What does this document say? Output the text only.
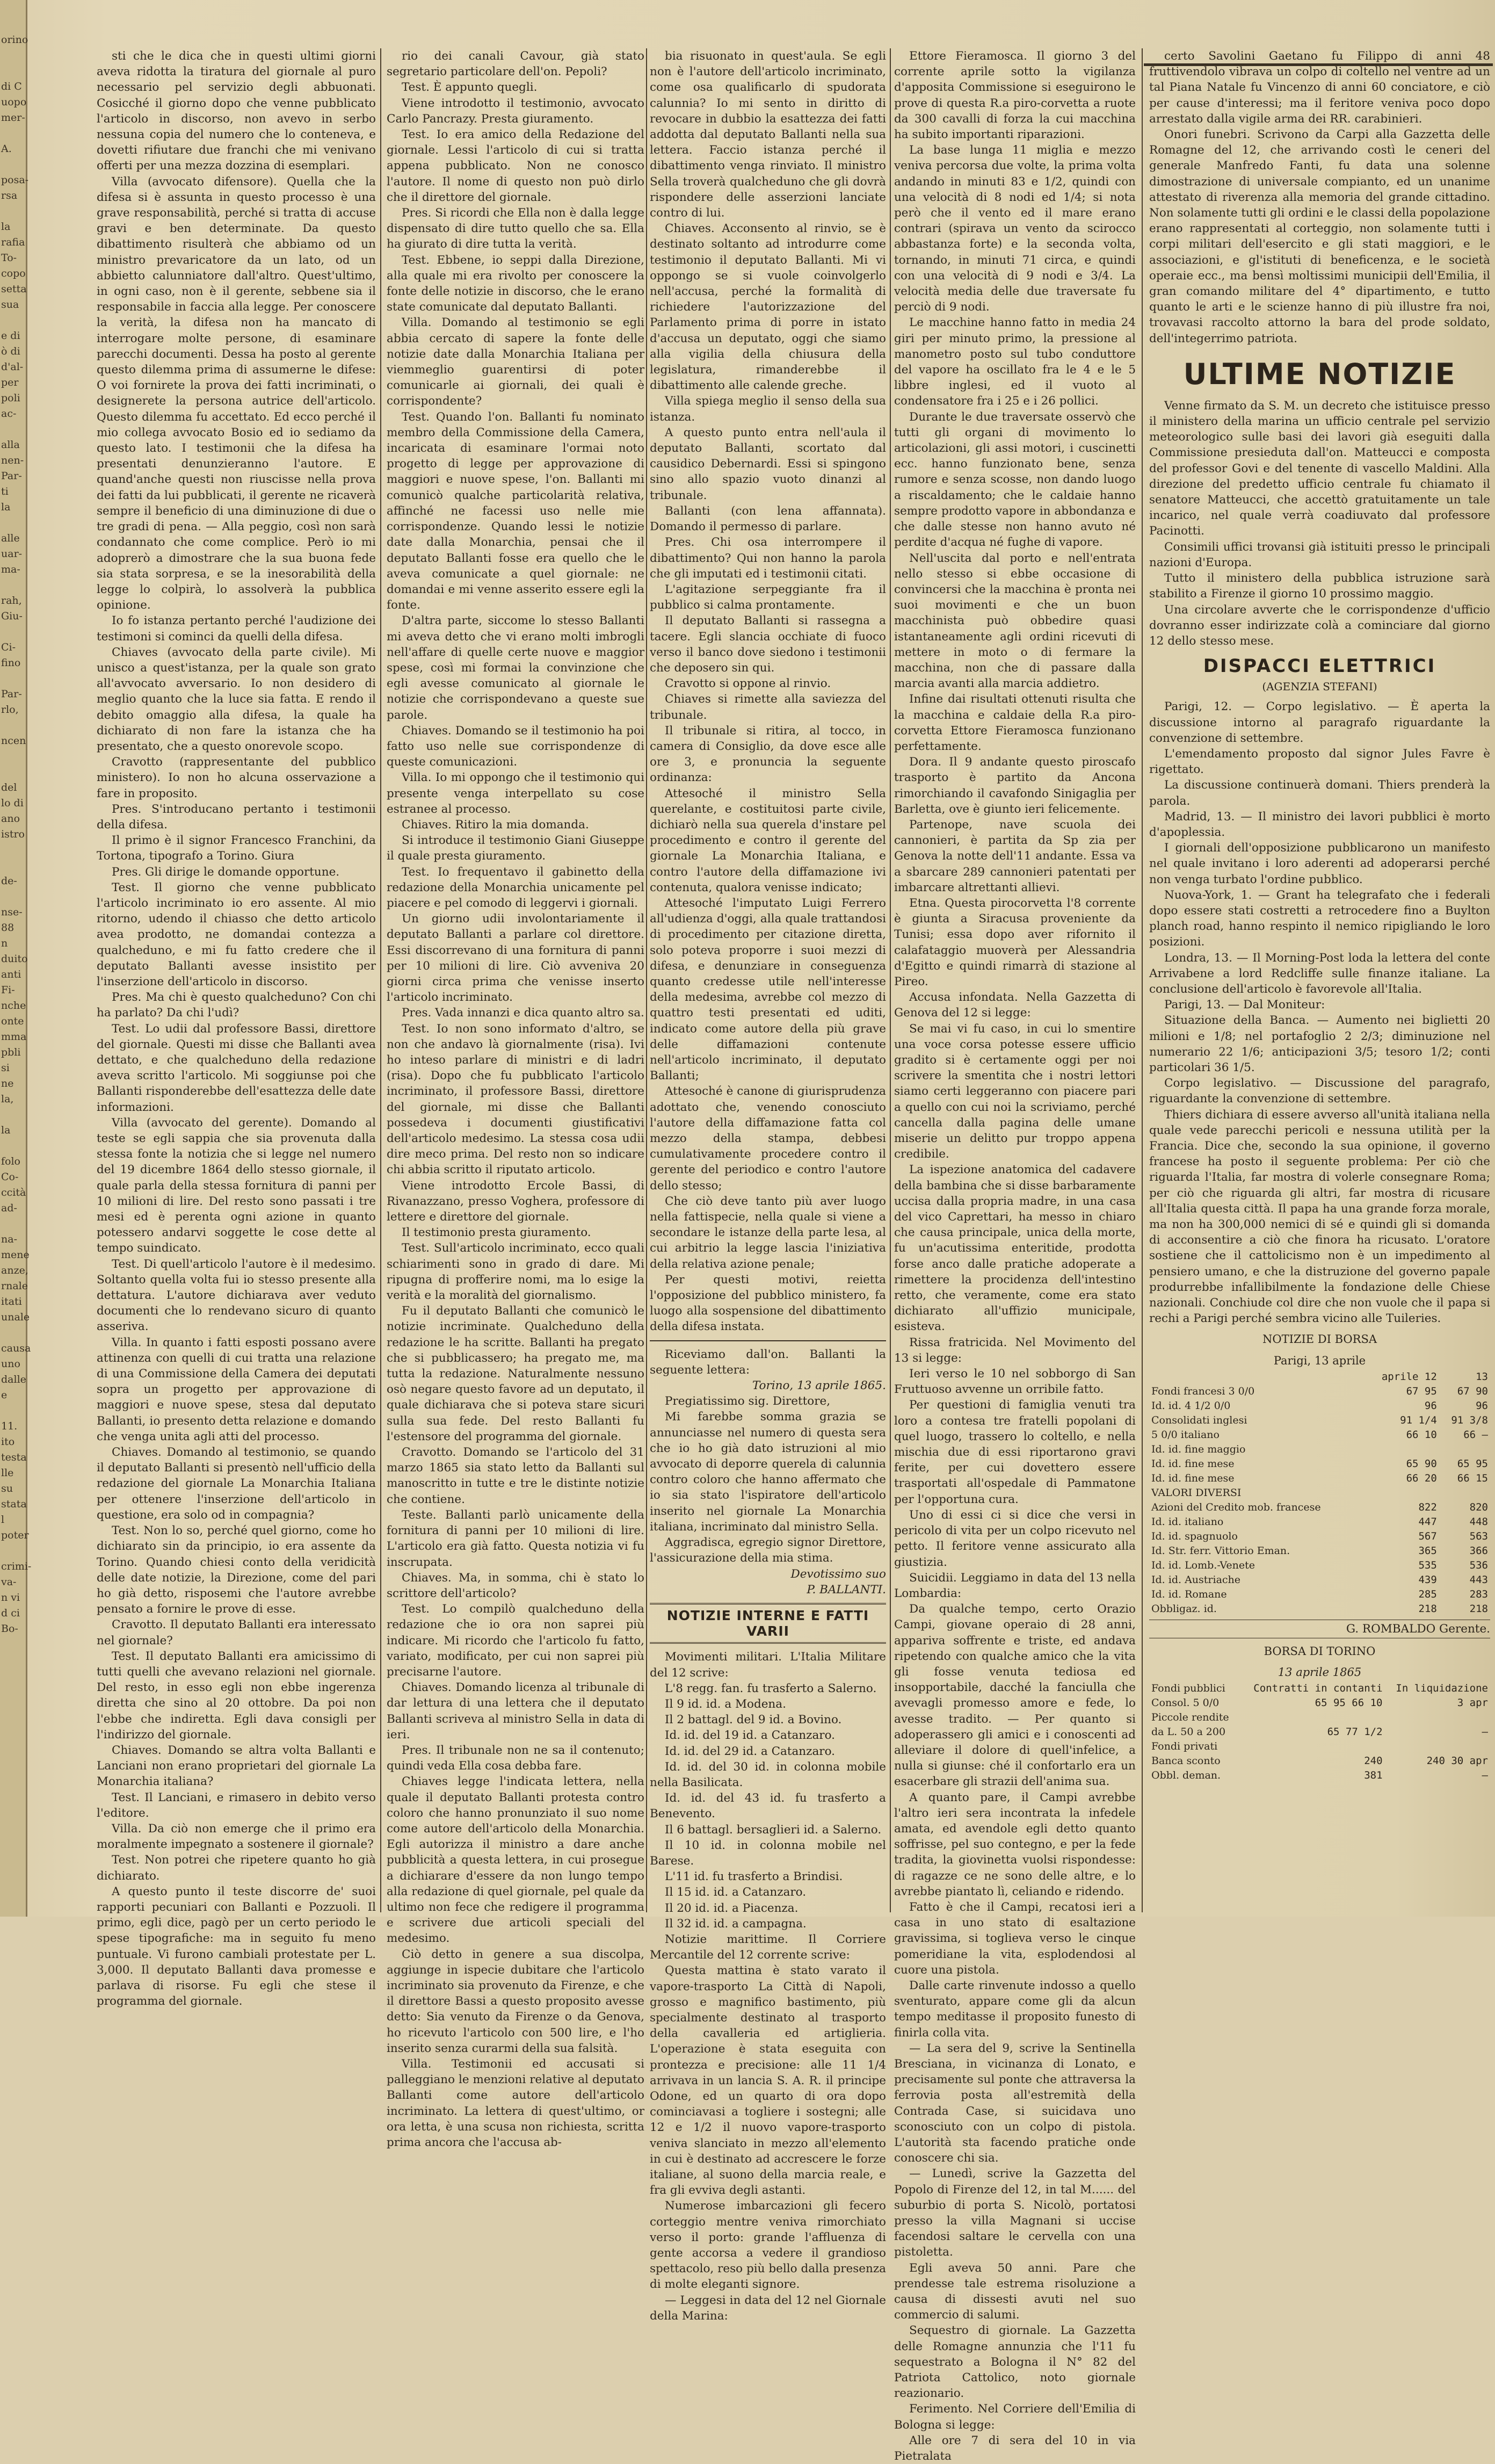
orino

di C
uopo
mer-

A.

posa-
rsa

la
rafia
To-
copo
setta
sua

e di
ò di
d'al-
per
poli
ac-

alla
nen-
Par-
ti
la

alle
uar-
ma-

rah,
Giu-

Ci-
fino

Par-
rlo,

ncen

del
lo di
ano
istro

de-

nse-
88
n
duito
anti
Fi-
nche
onte
mma
pbli
si ne
la,

la

folo
Co-
ccità
ad-

na-
mene
anze,
rnale
itati
unale

causa
uno
dalle
e

11.
ito
testa
lle
su
stata
l
poter

crimi-
va-
n vi
d ci
Bo-

sti che le dica che in questi ultimi giorni aveva ridotta la tiratura del giornale al puro necessario pel servizio degli abbuonati. Cosicché il giorno dopo che venne pubblicato l'articolo in discorso, non avevo in serbo nessuna copia del numero che lo conteneva, e dovetti rifiutare due franchi che mi venivano offerti per una mezza dozzina di esemplari.

Villa (avvocato difensore). Quella che la difesa si è assunta in questo processo è una grave responsabilità, perché si tratta di accuse gravi e ben determinate. Da questo dibattimento risulterà che abbiamo od un ministro prevaricatore da un lato, od un abbietto calunniatore dall'altro. Quest'ultimo, in ogni caso, non è il gerente, sebbene sia il responsabile in faccia alla legge. Per conoscere la verità, la difesa non ha mancato di interrogare molte persone, di esaminare parecchi documenti. Dessa ha posto al gerente questo dilemma prima di assumerne le difese: O voi fornirete la prova dei fatti incriminati, o designerete la persona autrice dell'articolo. Questo dilemma fu accettato. Ed ecco perché il mio collega avvocato Bosio ed io sediamo da questo lato. I testimonii che la difesa ha presentati denunzieranno l'autore. E quand'anche questi non riuscisse nella prova dei fatti da lui pubblicati, il gerente ne ricaverà sempre il beneficio di una diminuzione di due o tre gradi di pena. — Alla peggio, così non sarà condannato che come complice. Però io mi adoprerò a dimostrare che la sua buona fede sia stata sorpresa, e se la inesorabilità della legge lo colpirà, lo assolverà la pubblica opinione.

Io fo istanza pertanto perché l'audizione dei testimoni si cominci da quelli della difesa.

Chiaves (avvocato della parte civile). Mi unisco a quest'istanza, per la quale son grato all'avvocato avversario. Io non desidero di meglio quanto che la luce sia fatta. E rendo il debito omaggio alla difesa, la quale ha dichiarato di non fare la istanza che ha presentato, che a questo onorevole scopo.

Cravotto (rappresentante del pubblico ministero). Io non ho alcuna osservazione a fare in proposito.

Pres. S'introducano pertanto i testimonii della difesa.

Il primo è il signor Francesco Franchini, da Tortona, tipografo a Torino. Giura

Pres. Gli dirige le domande opportune.

Test. Il giorno che venne pubblicato l'articolo incriminato io ero assente. Al mio ritorno, udendo il chiasso che detto articolo avea prodotto, ne domandai contezza a qualcheduno, e mi fu fatto credere che il deputato Ballanti avesse insistito per l'inserzione dell'articolo in discorso.

Pres. Ma chi è questo qualcheduno? Con chi ha parlato? Da chi l'udì?

Test. Lo udii dal professore Bassi, direttore del giornale. Questi mi disse che Ballanti avea dettato, e che qualcheduno della redazione aveva scritto l'articolo. Mi soggiunse poi che Ballanti risponderebbe dell'esattezza delle date informazioni.

Villa (avvocato del gerente). Domando al teste se egli sappia che sia provenuta dalla stessa fonte la notizia che si legge nel numero del 19 dicembre 1864 dello stesso giornale, il quale parla della stessa fornitura di panni per 10 milioni di lire. Del resto sono passati i tre mesi ed è perenta ogni azione in quanto potessero andarvi soggette le cose dette al tempo suindicato.

Test. Di quell'articolo l'autore è il medesimo. Soltanto quella volta fui io stesso presente alla dettatura. L'autore dichiarava aver veduto documenti che lo rendevano sicuro di quanto asseriva.

Villa. In quanto i fatti esposti possano avere attinenza con quelli di cui tratta una relazione di una Commissione della Camera dei deputati sopra un progetto per approvazione di maggiori e nuove spese, stesa dal deputato Ballanti, io presento detta relazione e domando che venga unita agli atti del processo.

Chiaves. Domando al testimonio, se quando il deputato Ballanti si presentò nell'ufficio della redazione del giornale La Monarchia Italiana per ottenere l'inserzione dell'articolo in questione, era solo od in compagnia?

Test. Non lo so, perché quel giorno, come ho dichiarato sin da principio, io era assente da Torino. Quando chiesi conto della veridicità delle date notizie, la Direzione, come del pari ho già detto, risposemi che l'autore avrebbe pensato a fornire le prove di esse.

Cravotto. Il deputato Ballanti era interessato nel giornale?

Test. Il deputato Ballanti era amicissimo di tutti quelli che avevano relazioni nel giornale. Del resto, in esso egli non ebbe ingerenza diretta che sino al 20 ottobre. Da poi non l'ebbe che indiretta. Egli dava consigli per l'indirizzo del giornale.

Chiaves. Domando se altra volta Ballanti e Lanciani non erano proprietari del giornale La Monarchia italiana?

Test. Il Lanciani, e rimasero in debito verso l'editore.

Villa. Da ciò non emerge che il primo era moralmente impegnato a sostenere il giornale?

Test. Non potrei che ripetere quanto ho già dichiarato.

A questo punto il teste discorre de' suoi rapporti pecuniari con Ballanti e Pozzuoli. Il primo, egli dice, pagò per un certo periodo le spese tipografiche: ma in seguito fu meno puntuale. Vi furono cambiali protestate per L. 3,000. Il deputato Ballanti dava promesse e parlava di risorse. Fu egli che stese il programma del giornale.

rio dei canali Cavour, già stato segretario particolare dell'on. Pepoli?

Test. È appunto quegli.

Viene introdotto il testimonio, avvocato Carlo Pancrazy. Presta giuramento.

Test. Io era amico della Redazione del giornale. Lessi l'articolo di cui si tratta appena pubblicato. Non ne conosco l'autore. Il nome di questo non può dirlo che il direttore del giornale.

Pres. Si ricordi che Ella non è dalla legge dispensato di dire tutto quello che sa. Ella ha giurato di dire tutta la verità.

Test. Ebbene, io seppi dalla Direzione, alla quale mi era rivolto per conoscere la fonte delle notizie in discorso, che le erano state comunicate dal deputato Ballanti.

Villa. Domando al testimonio se egli abbia cercato di sapere la fonte delle notizie date dalla Monarchia Italiana per viemmeglio guarentirsi di poter comunicarle ai giornali, dei quali è corrispondente?

Test. Quando l'on. Ballanti fu nominato membro della Commissione della Camera, incaricata di esaminare l'ormai noto progetto di legge per approvazione di maggiori e nuove spese, l'on. Ballanti mi comunicò qualche particolarità relativa, affinché ne facessi uso nelle mie corrispondenze. Quando lessi le notizie date dalla Monarchia, pensai che il deputato Ballanti fosse era quello che le aveva comunicate a quel giornale: ne domandai e mi venne asserito essere egli la fonte.

D'altra parte, siccome lo stesso Ballanti mi aveva detto che vi erano molti imbrogli nell'affare di quelle certe nuove e maggior spese, così mi formai la convinzione che egli avesse comunicato al giornale le notizie che corrispondevano a queste sue parole.

Chiaves. Domando se il testimonio ha poi fatto uso nelle sue corrispondenze di queste comunicazioni.

Villa. Io mi oppongo che il testimonio qui presente venga interpellato su cose estranee al processo.

Chiaves. Ritiro la mia domanda.

Si introduce il testimonio Giani Giuseppe il quale presta giuramento.

Test. Io frequentavo il gabinetto della redazione della Monarchia unicamente pel piacere e pel comodo di leggervi i giornali.

Un giorno udii involontariamente il deputato Ballanti a parlare col direttore. Essi discorrevano di una fornitura di panni per 10 milioni di lire. Ciò avveniva 20 giorni circa prima che venisse inserto l'articolo incriminato.

Pres. Vada innanzi e dica quanto altro sa.

Test. Io non sono informato d'altro, se non che andavo là giornalmente (risa). Ivi ho inteso parlare di ministri e di ladri (risa). Dopo che fu pubblicato l'articolo incriminato, il professore Bassi, direttore del giornale, mi disse che Ballanti possedeva i documenti giustificativi dell'articolo medesimo. La stessa cosa udii dire meco prima. Del resto non so indicare chi abbia scritto il riputato articolo.

Viene introdotto Ercole Bassi, di Rivanazzano, presso Voghera, professore di lettere e direttore del giornale.

Il testimonio presta giuramento.

Test. Sull'articolo incriminato, ecco quali schiarimenti sono in grado di dare. Mi ripugna di profferire nomi, ma lo esige la verità e la moralità del giornalismo.

Fu il deputato Ballanti che comunicò le notizie incriminate. Qualcheduno della redazione le ha scritte. Ballanti ha pregato che si pubblicassero; ha pregato me, ma tutta la redazione. Naturalmente nessuno osò negare questo favore ad un deputato, il quale dichiarava che si poteva stare sicuri sulla sua fede. Del resto Ballanti fu l'estensore del programma del giornale.

Cravotto. Domando se l'articolo del 31 marzo 1865 sia stato letto da Ballanti sul manoscritto in tutte e tre le distinte notizie che contiene.

Teste. Ballanti parlò unicamente della fornitura di panni per 10 milioni di lire. L'articolo era già fatto. Questa notizia vi fu inscrupata.

Chiaves. Ma, in somma, chi è stato lo scrittore dell'articolo?

Test. Lo compilò qualcheduno della redazione che io ora non saprei più indicare. Mi ricordo che l'articolo fu fatto, variato, modificato, per cui non saprei più precisarne l'autore.

Chiaves. Domando licenza al tribunale di dar lettura di una lettera che il deputato Ballanti scriveva al ministro Sella in data di ieri.

Pres. Il tribunale non ne sa il contenuto; quindi veda Ella cosa debba fare.

Chiaves legge l'indicata lettera, nella quale il deputato Ballanti protesta contro coloro che hanno pronunziato il suo nome come autore dell'articolo della Monarchia. Egli autorizza il ministro a dare anche pubblicità a questa lettera, in cui prosegue a dichiarare d'essere da non lungo tempo alla redazione di quel giornale, pel quale da ultimo non fece che redigere il programma e scrivere due articoli speciali del medesimo.

Ciò detto in genere a sua discolpa, aggiunge in ispecie dubitare che l'articolo incriminato sia provenuto da Firenze, e che il direttore Bassi a questo proposito avesse detto: Sia venuto da Firenze o da Genova, ho ricevuto l'articolo con 500 lire, e l'ho inserito senza curarmi della sua falsità.

Villa. Testimonii ed accusati si palleggiano le menzioni relative al deputato Ballanti come autore dell'articolo incriminato. La lettera di quest'ultimo, or ora letta, è una scusa non richiesta, scritta prima ancora che l'accusa ab-

bia risuonato in quest'aula. Se egli non è l'autore dell'articolo incriminato, come osa qualificarlo di spudorata calunnia? Io mi sento in diritto di revocare in dubbio la esattezza dei fatti addotta dal deputato Ballanti nella sua lettera. Faccio istanza perché il dibattimento venga rinviato. Il ministro Sella troverà qualcheduno che gli dovrà rispondere delle asserzioni lanciate contro di lui.

Chiaves. Acconsento al rinvio, se è destinato soltanto ad introdurre come testimonio il deputato Ballanti. Mi vi oppongo se si vuole coinvolgerlo nell'accusa, perché la formalità di richiedere l'autorizzazione del Parlamento prima di porre in istato d'accusa un deputato, oggi che siamo alla vigilia della chiusura della legislatura, rimanderebbe il dibattimento alle calende greche.

Villa spiega meglio il senso della sua istanza.

A questo punto entra nell'aula il deputato Ballanti, scortato dal causidico Debernardi. Essi si spingono sino allo spazio vuoto dinanzi al tribunale.

Ballanti (con lena affannata). Domando il permesso di parlare.

Pres. Chi osa interrompere il dibattimento? Qui non hanno la parola che gli imputati ed i testimonii citati.

L'agitazione serpeggiante fra il pubblico si calma prontamente.

Il deputato Ballanti si rassegna a tacere. Egli slancia occhiate di fuoco verso il banco dove siedono i testimonii che deposero sin qui.

Cravotto si oppone al rinvio.

Chiaves si rimette alla saviezza del tribunale.

Il tribunale si ritira, al tocco, in camera di Consiglio, da dove esce alle ore 3, e pronuncia la seguente ordinanza:

Attesoché il ministro Sella querelante, e costituitosi parte civile, dichiarò nella sua querela d'instare pel procedimento e contro il gerente del giornale La Monarchia Italiana, e contro l'autore della diffamazione ivi contenuta, qualora venisse indicato;

Attesoché l'imputato Luigi Ferrero all'udienza d'oggi, alla quale trattandosi di procedimento per citazione diretta, solo poteva proporre i suoi mezzi di difesa, e denunziare in conseguenza quanto credesse utile nell'interesse della medesima, avrebbe col mezzo di quattro testi presentati ed uditi, indicato come autore della più grave delle diffamazioni contenute nell'articolo incriminato, il deputato Ballanti;

Attesoché è canone di giurisprudenza adottato che, venendo conosciuto l'autore della diffamazione fatta col mezzo della stampa, debbesi cumulativamente procedere contro il gerente del periodico e contro l'autore dello stesso;

Che ciò deve tanto più aver luogo nella fattispecie, nella quale si viene a secondare le istanze della parte lesa, al cui arbitrio la legge lascia l'iniziativa della relativa azione penale;

Per questi motivi, reietta l'opposizione del pubblico ministero, fa luogo alla sospensione del dibattimento della difesa instata.

Riceviamo dall'on. Ballanti la seguente lettera:

Torino, 13 aprile 1865.

Pregiatissimo sig. Direttore,

Mi farebbe somma grazia se annunciasse nel numero di questa sera che io ho già dato istruzioni al mio avvocato di deporre querela di calunnia contro coloro che hanno affermato che io sia stato l'ispiratore dell'articolo inserito nel giornale La Monarchia italiana, incriminato dal ministro Sella.

Aggradisca, egregio signor Direttore, l'assicurazione della mia stima.

Devotissimo suo

P. BALLANTI.

NOTIZIE INTERNE E FATTI VARII

Movimenti militari. L'Italia Militare del 12 scrive:

L'8 regg. fan. fu trasferto a Salerno.

Il 9 id. id. a Modena.

Il 2 battagl. del 9 id. a Bovino.

Id. id. del 19 id. a Catanzaro.

Id. id. del 29 id. a Catanzaro.

Id. id. del 30 id. in colonna mobile nella Basilicata.

Id. id. del 43 id. fu trasferto a Benevento.

Il 6 battagl. bersaglieri id. a Salerno.

Il 10 id. in colonna mobile nel Barese.

L'11 id. fu trasferto a Brindisi.

Il 15 id. id. a Catanzaro.

Il 20 id. id. a Piacenza.

Il 32 id. id. a campagna.

Notizie marittime. Il Corriere Mercantile del 12 corrente scrive:

Questa mattina è stato varato il vapore-trasporto La Città di Napoli, grosso e magnifico bastimento, più specialmente destinato al trasporto della cavalleria ed artiglieria. L'operazione è stata eseguita con prontezza e precisione: alle 11 1/4 arrivava in un lancia S. A. R. il principe Odone, ed un quarto di ora dopo cominciavasi a togliere i sostegni; alle 12 e 1/2 il nuovo vapore-trasporto veniva slanciato in mezzo all'elemento in cui è destinato ad accrescere le forze italiane, al suono della marcia reale, e fra gli evviva degli astanti.

Numerose imbarcazioni gli fecero corteggio mentre veniva rimorchiato verso il porto: grande l'affluenza di gente accorsa a vedere il grandioso spettacolo, reso più bello dalla presenza di molte eleganti signore.

— Leggesi in data del 12 nel Giornale della Marina:

Ettore Fieramosca. Il giorno 3 del corrente aprile sotto la vigilanza d'apposita Commissione si eseguirono le prove di questa R.a piro-corvetta a ruote da 300 cavalli di forza la cui macchina ha subito importanti riparazioni.

La base lunga 11 miglia e mezzo veniva percorsa due volte, la prima volta andando in minuti 83 e 1/2, quindi con una velocità di 8 nodi ed 1/4; si nota però che il vento ed il mare erano contrari (spirava un vento da scirocco abbastanza forte) e la seconda volta, tornando, in minuti 71 circa, e quindi con una velocità di 9 nodi e 3/4. La velocità media delle due traversate fu perciò di 9 nodi.

Le macchine hanno fatto in media 24 giri per minuto primo, la pressione al manometro posto sul tubo conduttore del vapore ha oscillato fra le 4 e le 5 libbre inglesi, ed il vuoto al condensatore fra i 25 e i 26 pollici.

Durante le due traversate osservò che tutti gli organi di movimento lo articolazioni, gli assi motori, i cuscinetti ecc. hanno funzionato bene, senza rumore e senza scosse, non dando luogo a riscaldamento; che le caldaie hanno sempre prodotto vapore in abbondanza e che dalle stesse non hanno avuto né perdite d'acqua né fughe di vapore.

Nell'uscita dal porto e nell'entrata nello stesso si ebbe occasione di convincersi che la macchina è pronta nei suoi movimenti e che un buon macchinista può obbedire quasi istantaneamente agli ordini ricevuti di mettere in moto o di fermare la macchina, non che di passare dalla marcia avanti alla marcia addietro.

Infine dai risultati ottenuti risulta che la macchina e caldaie della R.a piro-corvetta Ettore Fieramosca funzionano perfettamente.

Dora. Il 9 andante questo piroscafo trasporto è partito da Ancona rimorchiando il cavafondo Sinigaglia per Barletta, ove è giunto ieri felicemente.

Partenope, nave scuola dei cannonieri, è partita da Sp zia per Genova la notte dell'11 andante. Essa va a sbarcare 289 cannonieri patentati per imbarcare altrettanti allievi.

Etna. Questa pirocorvetta l'8 corrente è giunta a Siracusa proveniente da Tunisi; essa dopo aver rifornito il calafataggio muoverà per Alessandria d'Egitto e quindi rimarrà di stazione al Pireo.

Accusa infondata. Nella Gazzetta di Genova del 12 si legge:

Se mai vi fu caso, in cui lo smentire una voce corsa potesse essere ufficio gradito si è certamente oggi per noi scrivere la smentita che i nostri lettori siamo certi leggeranno con piacere pari a quello con cui noi la scriviamo, perché cancella dalla pagina delle umane miserie un delitto pur troppo appena credibile.

La ispezione anatomica del cadavere della bambina che si disse barbaramente uccisa dalla propria madre, in una casa del vico Caprettari, ha messo in chiaro che causa principale, unica della morte, fu un'acutissima enteritide, prodotta forse anco dalle pratiche adoperate a rimettere la procidenza dell'intestino retto, che veramente, come era stato dichiarato all'uffizio municipale, esisteva.

Rissa fratricida. Nel Movimento del 13 si legge:

Ieri verso le 10 nel sobborgo di San Fruttuoso avvenne un orribile fatto.

Per questioni di famiglia venuti tra loro a contesa tre fratelli popolani di quel luogo, trassero lo coltello, e nella mischia due di essi riportarono gravi ferite, per cui dovettero essere trasportati all'ospedale di Pammatone per l'opportuna cura.

Uno di essi ci si dice che versi in pericolo di vita per un colpo ricevuto nel petto. Il feritore venne assicurato alla giustizia.

Suicidii. Leggiamo in data del 13 nella Lombardia:

Da qualche tempo, certo Orazio Campi, giovane operaio di 28 anni, appariva soffrente e triste, ed andava ripetendo con qualche amico che la vita gli fosse venuta tediosa ed insopportabile, dacché la fanciulla che avevagli promesso amore e fede, lo avesse tradito. — Per quanto si adoperassero gli amici e i conoscenti ad alleviare il dolore di quell'infelice, a nulla si giunse: ché il confortarlo era un esacerbare gli strazii dell'anima sua.

A quanto pare, il Campi avrebbe l'altro ieri sera incontrata la infedele amata, ed avendole egli detto quanto soffrisse, pel suo contegno, e per la fede tradita, la giovinetta vuolsi rispondesse: di ragazze ce ne sono delle altre, e lo avrebbe piantato lì, celiando e ridendo.

Fatto è che il Campi, recatosi ieri a casa in uno stato di esaltazione gravissima, si toglieva verso le cinque pomeridiane la vita, esplodendosi al cuore una pistola.

Dalle carte rinvenute indosso a quello sventurato, appare come gli da alcun tempo meditasse il proposito funesto di finirla colla vita.

— La sera del 9, scrive la Sentinella Bresciana, in vicinanza di Lonato, e precisamente sul ponte che attraversa la ferrovia posta all'estremità della Contrada Case, si suicidava uno sconosciuto con un colpo di pistola. L'autorità sta facendo pratiche onde conoscere chi sia.

— Lunedì, scrive la Gazzetta del Popolo di Firenze del 12, in tal M...... del suburbio di porta S. Nicolò, portatosi presso la villa Magnani si uccise facendosi saltare le cervella con una pistoletta.

Egli aveva 50 anni. Pare che prendesse tale estrema risoluzione a causa di dissesti avuti nel suo commercio di salumi.

Sequestro di giornale. La Gazzetta delle Romagne annunzia che l'11 fu sequestrato a Bologna il N° 82 del Patriota Cattolico, noto giornale reazionario.

Ferimento. Nel Corriere dell'Emilia di Bologna si legge:

Alle ore 7 di sera del 10 in via Pietralata

certo Savolini Gaetano fu Filippo di anni 48 fruttivendolo vibrava un colpo di coltello nel ventre ad un tal Piana Natale fu Vincenzo di anni 60 conciatore, e ciò per cause d'interessi; ma il feritore veniva poco dopo arrestato dalla vigile arma dei RR. carabinieri.

Onori funebri. Scrivono da Carpi alla Gazzetta delle Romagne del 12, che arrivando costì le ceneri del generale Manfredo Fanti, fu data una solenne dimostrazione di universale compianto, ed un unanime attestato di riverenza alla memoria del grande cittadino. Non solamente tutti gli ordini e le classi della popolazione erano rappresentati al corteggio, non solamente tutti i corpi militari dell'esercito e gli stati maggiori, e le associazioni, e gl'istituti di beneficenza, e le società operaie ecc., ma bensì moltissimi municipii dell'Emilia, il gran comando militare del 4° dipartimento, e tutto quanto le arti e le scienze hanno di più illustre fra noi, trovavasi raccolto attorno la bara del prode soldato, dell'integerrimo patriota.

ULTIME NOTIZIE

Venne firmato da S. M. un decreto che istituisce presso il ministero della marina un ufficio centrale pel servizio meteorologico sulle basi dei lavori già eseguiti dalla Commissione presieduta dall'on. Matteucci e composta del professor Govi e del tenente di vascello Maldini. Alla direzione del predetto ufficio centrale fu chiamato il senatore Matteucci, che accettò gratuitamente un tale incarico, nel quale verrà coadiuvato dal professore Pacinotti.

Consimili uffici trovansi già istituiti presso le principali nazioni d'Europa.

Tutto il ministero della pubblica istruzione sarà stabilito a Firenze il giorno 10 prossimo maggio.

Una circolare avverte che le corrispondenze d'ufficio dovranno esser indirizzate colà a cominciare dal giorno 12 dello stesso mese.

DISPACCI ELETTRICI
(AGENZIA STEFANI)

Parigi, 12. — Corpo legislativo. — È aperta la discussione intorno al paragrafo riguardante la convenzione di settembre.

L'emendamento proposto dal signor Jules Favre è rigettato.

La discussione continuerà domani. Thiers prenderà la parola.

Madrid, 13. — Il ministro dei lavori pubblici è morto d'apoplessia.

I giornali dell'opposizione pubblicarono un manifesto nel quale invitano i loro aderenti ad adoperarsi perché non venga turbato l'ordine pubblico.

Nuova-York, 1. — Grant ha telegrafato che i federali dopo essere stati costretti a retrocedere fino a Buylton planch road, hanno respinto il nemico ripigliando le loro posizioni.

Londra, 13. — Il Morning-Post loda la lettera del conte Arrivabene a lord Redcliffe sulle finanze italiane. La conclusione dell'articolo è favorevole all'Italia.

Parigi, 13. — Dal Moniteur:

Situazione della Banca. — Aumento nei biglietti 20 milioni e 1/8; nel portafoglio 2 2/3; diminuzione nel numerario 22 1/6; anticipazioni 3/5; tesoro 1/2; conti particolari 36 1/5.

Corpo legislativo. — Discussione del paragrafo, riguardante la convenzione di settembre.

Thiers dichiara di essere avverso all'unità italiana nella quale vede parecchi pericoli e nessuna utilità per la Francia. Dice che, secondo la sua opinione, il governo francese ha posto il seguente problema: Per ciò che riguarda l'Italia, far mostra di volerle consegnare Roma; per ciò che riguarda gli altri, far mostra di ricusare all'Italia questa città. Il papa ha una grande forza morale, ma non ha 300,000 nemici di sé e quindi gli si domanda di acconsentire a ciò che finora ha ricusato. L'oratore sostiene che il cattolicismo non è un impedimento al pensiero umano, e che la distruzione del governo papale produrrebbe infallibilmente la fondazione delle Chiese nazionali. Conchiude col dire che non vuole che il papa si rechi a Parigi perché sembra vicino alle Tuileries.

NOTIZIE DI BORSA
Parigi, 13 aprile
	aprile 12	13
Fondi francesi 3 0/0	67 95	67 90
Id. id. 4 1/2 0/0	96	96
Consolidati inglesi	91 1/4	91 3/8
5 0/0 italiano	66 10	66 —
Id. id. fine maggio		
Id. id. fine mese	65 90	65 95
Id. id. fine mese	66 20	66 15
VALORI DIVERSI		
Azioni del Credito mob. francese	822	820
Id. id. italiano	447	448
Id. id. spagnuolo	567	563
Id. Str. ferr. Vittorio Eman.	365	366
Id. id. Lomb.-Venete	535	536
Id. id. Austriache	439	443
Id. id. Romane	285	283
Obbligaz. id.	218	218
G. ROMBALDO Gerente.
BORSA DI TORINO
13 aprile 1865
Fondi pubblici	Contratti in contanti	In liquidazione
Consol. 5 0/0	65 95 66 10	3 apr
Piccole rendite		
da L. 50 a 200	65 77 1/2	—
Fondi privati		
Banca sconto	240	240 30 apr
Obbl. deman.	381	—
